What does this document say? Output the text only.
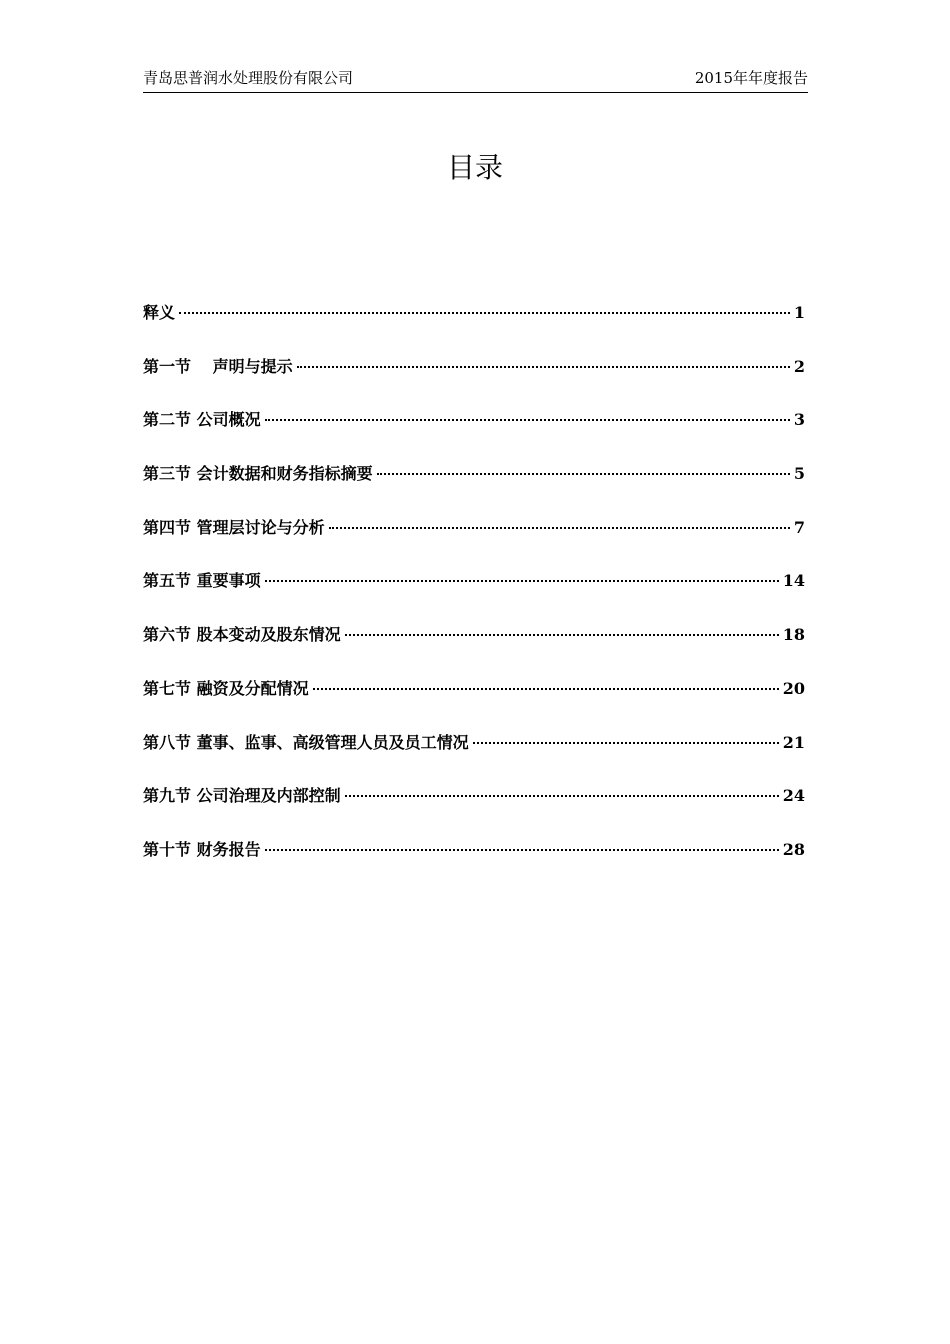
青岛思普润水处理股份有限公司	2015年年度报告
目录
释义	1
第一节　 声明与提示	2
第二节 公司概况	3
第三节 会计数据和财务指标摘要	5
第四节 管理层讨论与分析	7
第五节 重要事项	14
第六节 股本变动及股东情况	18
第七节 融资及分配情况	20
第八节 董事、监事、高级管理人员及员工情况	21
第九节 公司治理及内部控制	24
第十节 财务报告	28
